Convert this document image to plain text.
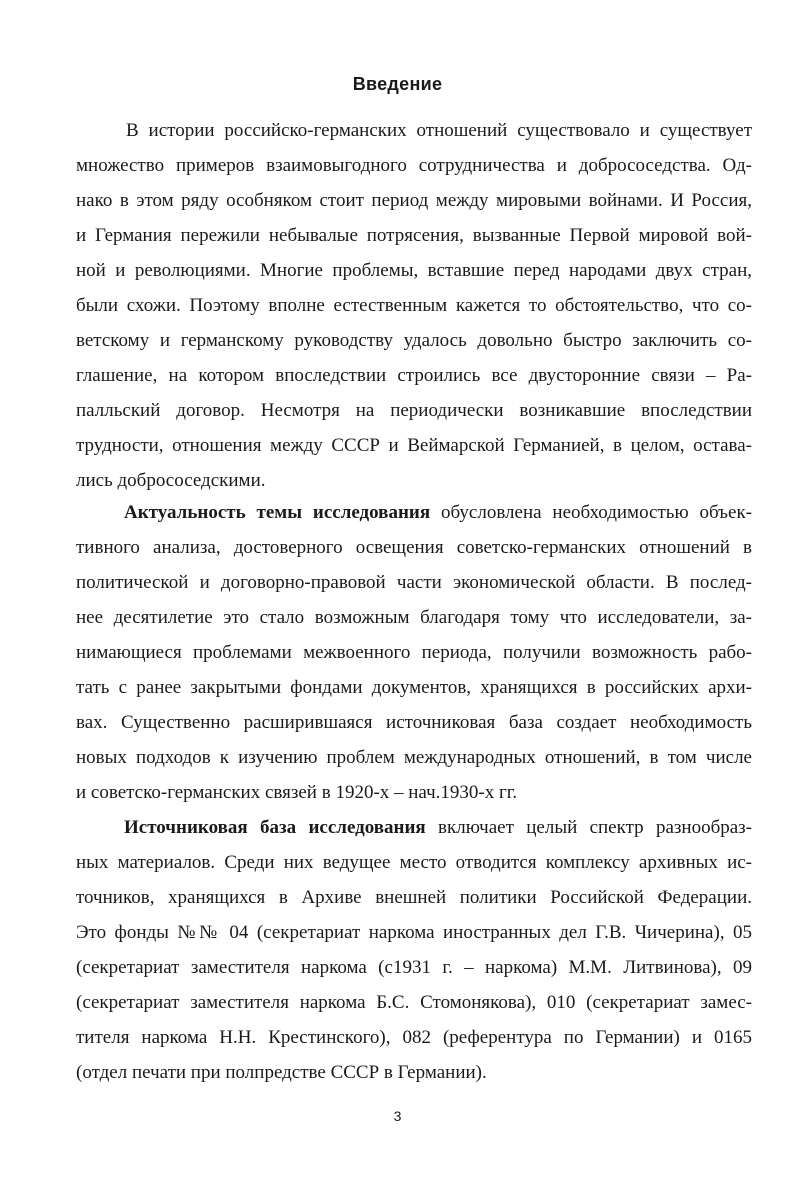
Введение
В истории российско-германских отношений существовало и существует
множество примеров взаимовыгодного сотрудничества и добрососедства. Од-
нако в этом ряду особняком стоит период между мировыми войнами. И Россия,
и Германия пережили небывалые потрясения, вызванные Первой мировой вой-
ной и революциями. Многие проблемы, вставшие перед народами двух стран,
были схожи. Поэтому вполне естественным кажется то обстоятельство, что со-
ветскому и германскому руководству удалось довольно быстро заключить со-
глашение, на котором впоследствии строились все двусторонние связи – Ра-
палльский договор. Несмотря на периодически возникавшие впоследствии
трудности, отношения между СССР и Веймарской Германией, в целом, остава-
лись добрососедскими.
Актуальность темы исследования обусловлена необходимостью объек-
тивного анализа, достоверного освещения советско-германских отношений в
политической и договорно-правовой части экономической области. В послед-
нее десятилетие это стало возможным благодаря тому что исследователи, за-
нимающиеся проблемами межвоенного периода, получили возможность рабо-
тать с ранее закрытыми фондами документов, хранящихся в российских архи-
вах. Существенно расширившаяся источниковая база создает необходимость
новых подходов к изучению проблем международных отношений, в том числе
и советско-германских связей в 1920-х – нач.1930-х гг.
Источниковая база исследования включает целый спектр разнообраз-
ных материалов. Среди них ведущее место отводится комплексу архивных ис-
точников, хранящихся в Архиве внешней политики Российской Федерации.
Это фонды №№ 04 (секретариат наркома иностранных дел Г.В. Чичерина), 05
(секретариат заместителя наркома (с1931 г. – наркома) М.М. Литвинова), 09
(секретариат заместителя наркома Б.С. Стомонякова), 010 (секретариат замес-
тителя наркома Н.Н. Крестинского), 082 (референтура по Германии) и 0165
(отдел печати при полпредстве СССР в Германии).
3
